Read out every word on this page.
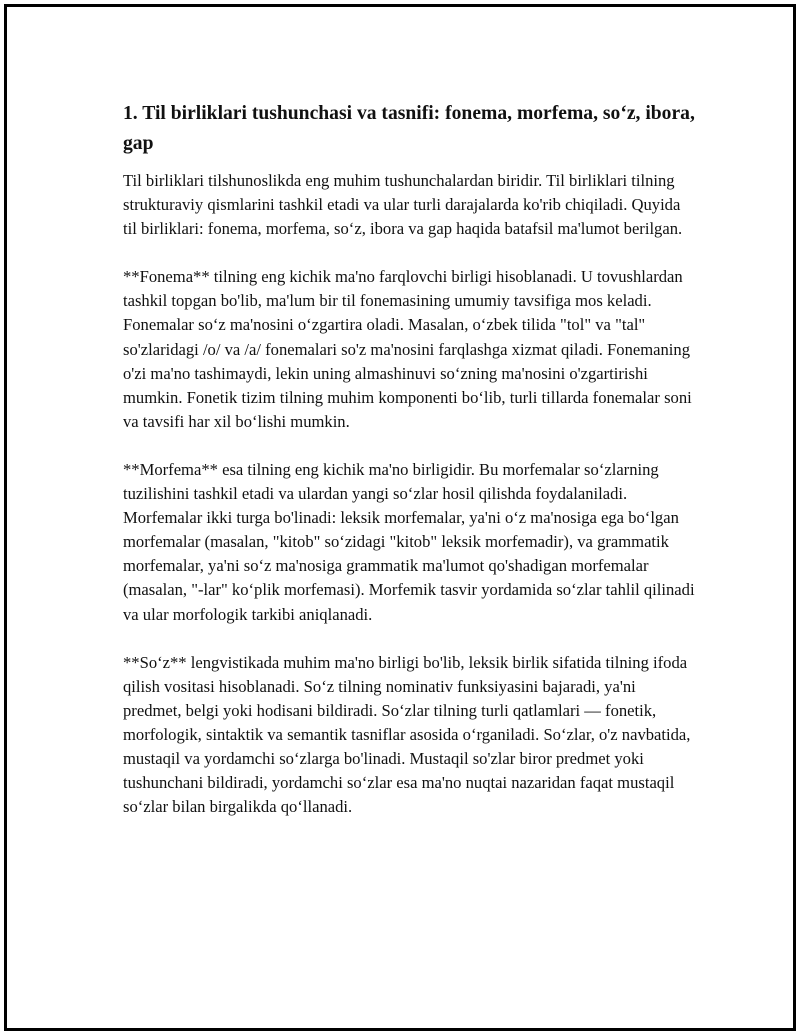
1. Til birliklari tushunchasi va tasnifi: fonema, morfema, so‘z, ibora, gap

Til birliklari tilshunoslikda eng muhim tushunchalardan biridir. Til birliklari tilning strukturaviy qismlarini tashkil etadi va ular turli darajalarda ko'rib chiqiladi. Quyida til birliklari: fonema, morfema, so‘z, ibora va gap haqida batafsil ma'lumot berilgan.

**Fonema** tilning eng kichik ma'no farqlovchi birligi hisoblanadi. U tovushlardan tashkil topgan bo'lib, ma'lum bir til fonemasining umumiy tavsifiga mos keladi. Fonemalar so‘z ma'nosini o‘zgartira oladi. Masalan, o‘zbek tilida "tol" va "tal" so'zlaridagi /o/ va /a/ fonemalari so'z ma'nosini farqlashga xizmat qiladi. Fonemaning o'zi ma'no tashimaydi, lekin uning almashinuvi so‘zning ma'nosini o'zgartirishi mumkin. Fonetik tizim tilning muhim komponenti bo‘lib, turli tillarda fonemalar soni va tavsifi har xil bo‘lishi mumkin.

**Morfema** esa tilning eng kichik ma'no birligidir. Bu morfemalar so‘zlarning tuzilishini tashkil etadi va ulardan yangi so‘zlar hosil qilishda foydalaniladi. Morfemalar ikki turga bo'linadi: leksik morfemalar, ya'ni o‘z ma'nosiga ega bo‘lgan morfemalar (masalan, "kitob" so‘zidagi "kitob" leksik morfemadir), va grammatik morfemalar, ya'ni so‘z ma'nosiga grammatik ma'lumot qo'shadigan morfemalar (masalan, "-lar" ko‘plik morfemasi). Morfemik tasvir yordamida so‘zlar tahlil qilinadi va ular morfologik tarkibi aniqlanadi.

**So‘z** lengvistikada muhim ma'no birligi bo'lib, leksik birlik sifatida tilning ifoda qilish vositasi hisoblanadi. So‘z tilning nominativ funksiyasini bajaradi, ya'ni predmet, belgi yoki hodisani bildiradi. So‘zlar tilning turli qatlamlari — fonetik, morfologik, sintaktik va semantik tasniflar asosida o‘rganiladi. So‘zlar, o'z navbatida, mustaqil va yordamchi so‘zlarga bo'linadi. Mustaqil so'zlar biror predmet yoki tushunchani bildiradi, yordamchi so‘zlar esa ma'no nuqtai nazaridan faqat mustaqil so‘zlar bilan birgalikda qo‘llanadi.
